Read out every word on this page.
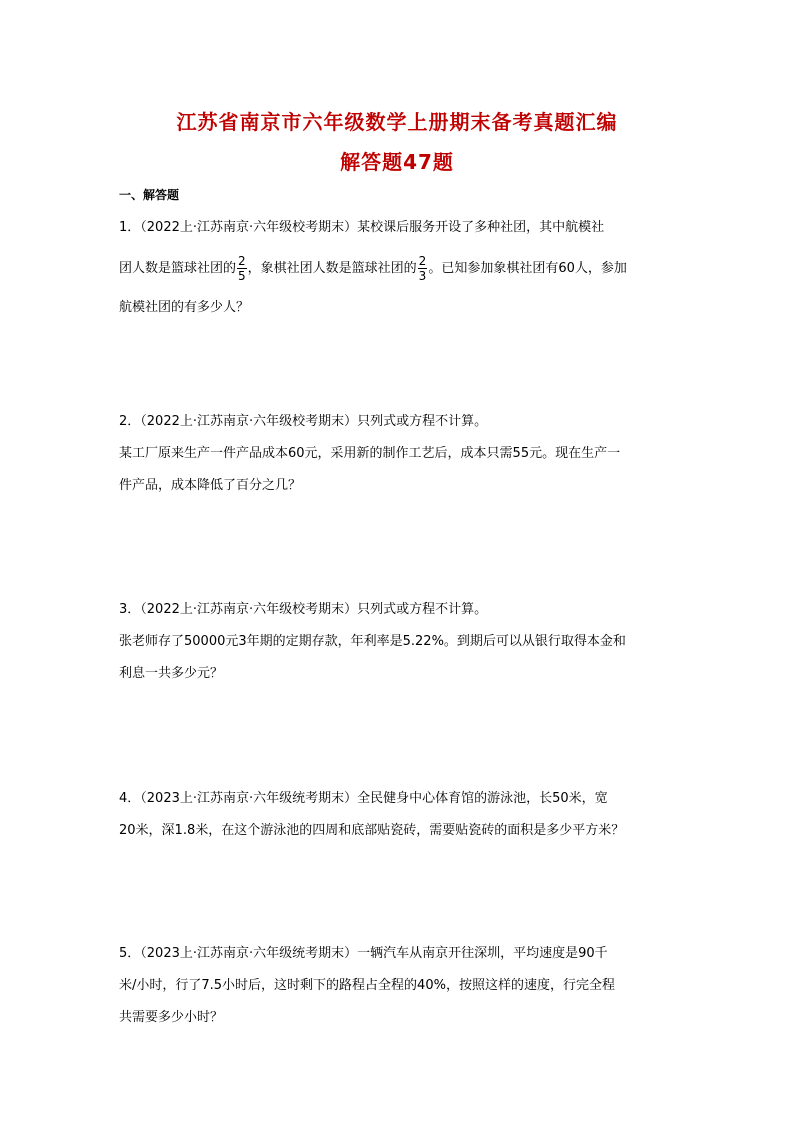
江苏省南京市六年级数学上册期末备考真题汇编
解答题47题
一、解答题
1．（2022上·江苏南京·六年级校考期末）某校课后服务开设了多种社团，其中航模社
团人数是篮球社团的 $\frac{2}{5}$ ，象棋社团人数是篮球社团的 $\frac{2}{3}$ 。已知参加象棋社团有60人，参加
航模社团的有多少人？
2．（2022上·江苏南京·六年级校考期末）只列式或方程不计算。
某工厂原来生产一件产品成本60元，采用新的制作工艺后，成本只需55元。现在生产一
件产品，成本降低了百分之几？
3．（2022上·江苏南京·六年级校考期末）只列式或方程不计算。
张老师存了50000元3年期的定期存款，年利率是5.22%。到期后可以从银行取得本金和
利息一共多少元？
4．（2023上·江苏南京·六年级统考期末）全民健身中心体育馆的游泳池，长50米，宽
20米，深1.8米，在这个游泳池的四周和底部贴瓷砖，需要贴瓷砖的面积是多少平方米？
5．（2023上·江苏南京·六年级统考期末）一辆汽车从南京开往深圳，平均速度是90千
米/小时，行了7.5小时后，这时剩下的路程占全程的40%，按照这样的速度，行完全程
共需要多少小时？
